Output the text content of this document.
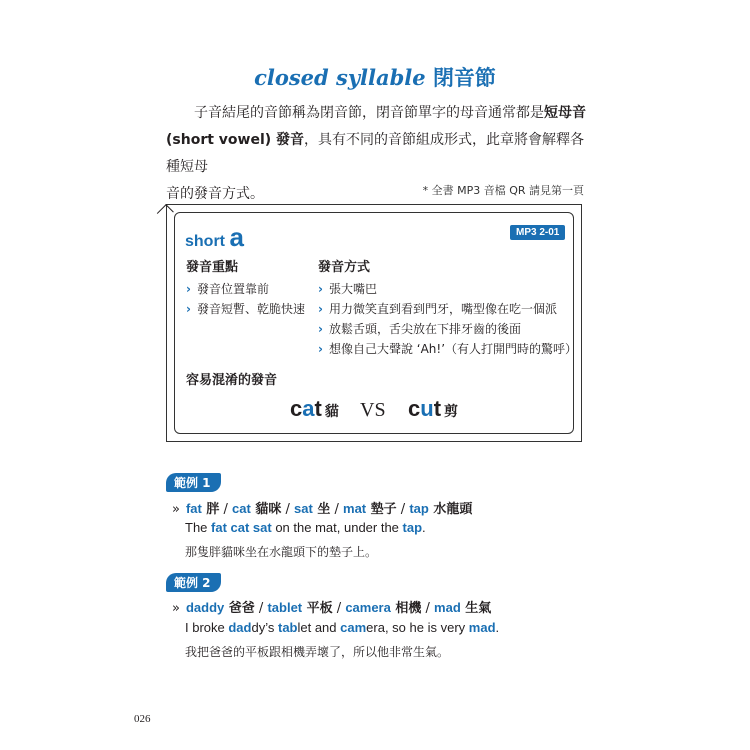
closed syllable 閉音節
子音結尾的音節稱為閉音節，閉音節單字的母音通常都是短母音
(short vowel) 發音，具有不同的音節組成形式，此章將會解釋各種短母
音的發音方式。	* 全書 MP3 音檔 QR 請見第一頁
short a	MP3 2-01
發音重點	發音方式
› 發音位置靠前
› 發音短暫、乾脆快速
› 張大嘴巴
› 用力微笑直到看到門牙，嘴型像在吃一個派
› 放鬆舌頭，舌尖放在下排牙齒的後面
› 想像自己大聲說 ‘Ah!’（有人打開門時的驚呼）
容易混淆的發音
cat 貓 VS cut 剪
範例 1
» fat 胖 / cat 貓咪 / sat 坐 / mat 墊子 / tap 水龍頭
The fat cat sat on the mat, under the tap.
那隻胖貓咪坐在水龍頭下的墊子上。
範例 2
» daddy 爸爸 / tablet 平板 / camera 相機 / mad 生氣
I broke daddy’s tablet and camera, so he is very mad.
我把爸爸的平板跟相機弄壞了，所以他非常生氣。
026
